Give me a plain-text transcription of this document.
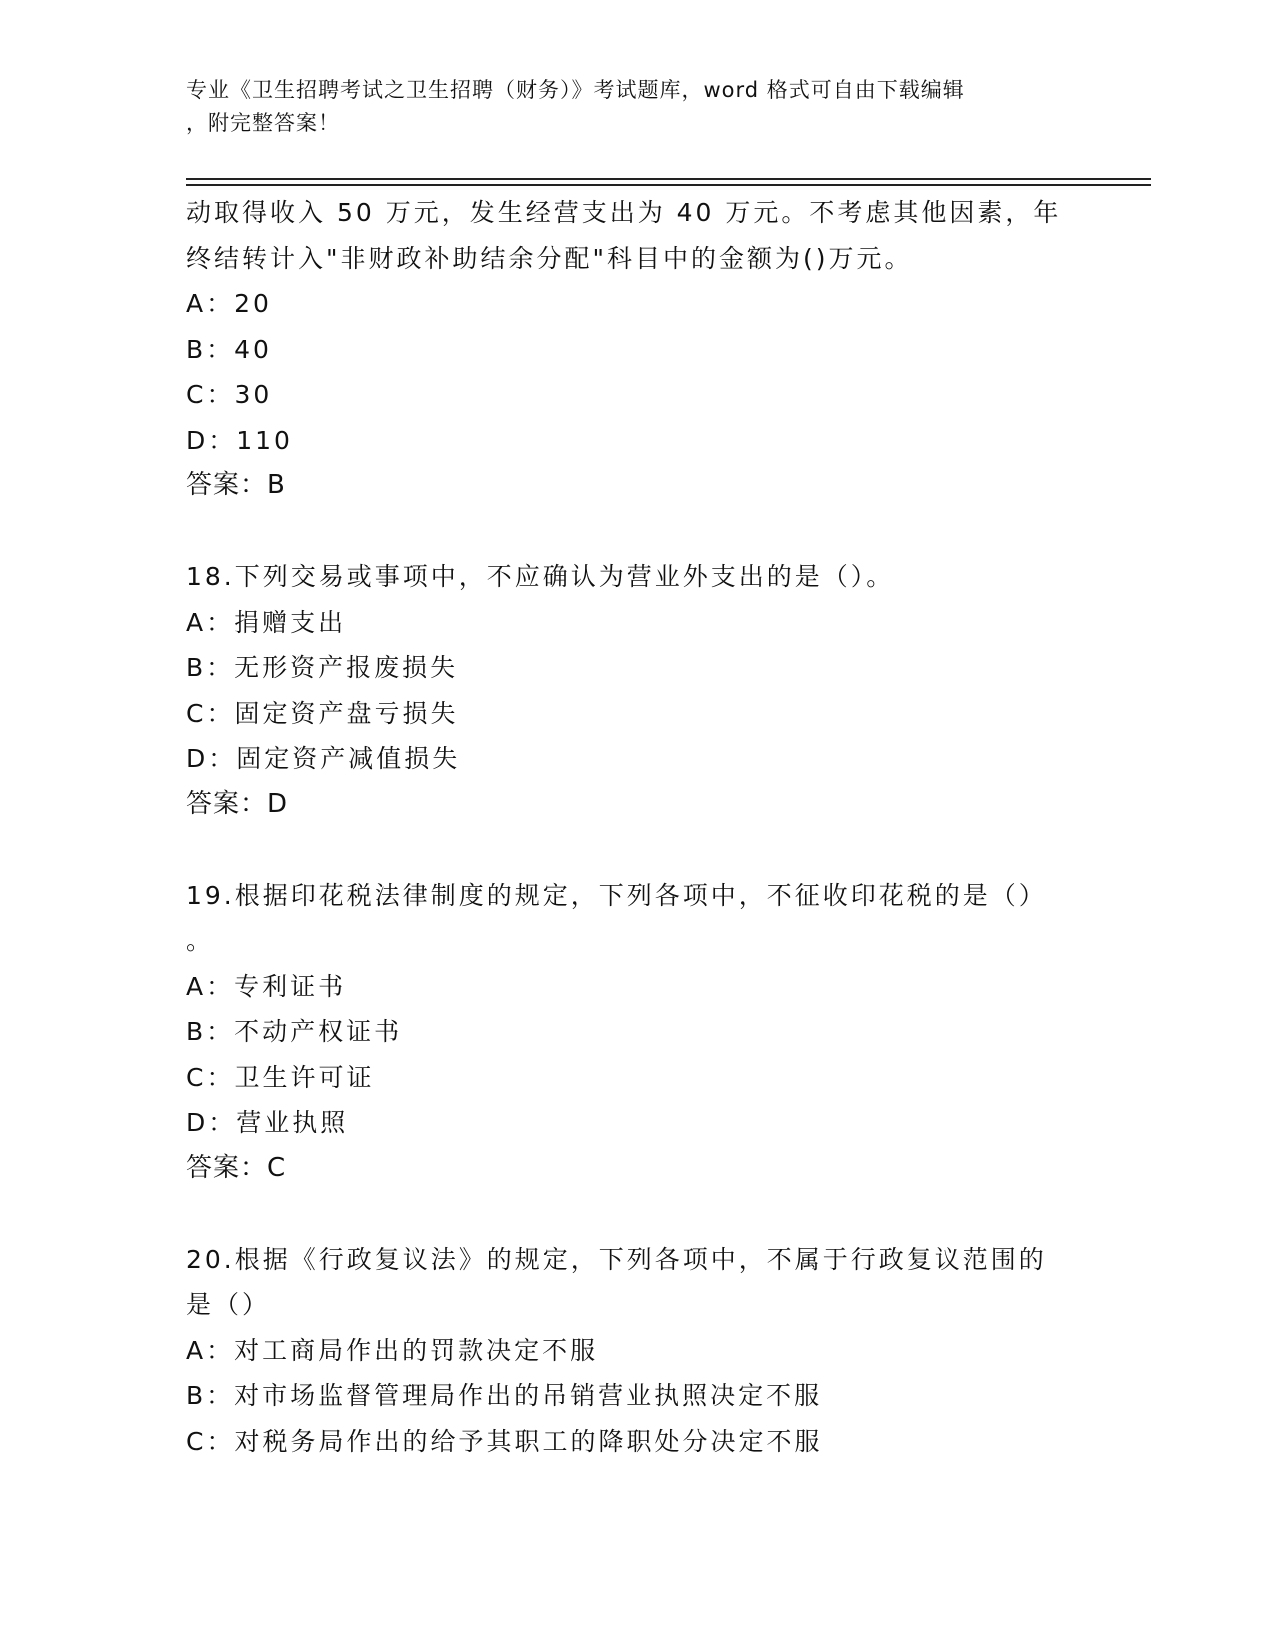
专业《卫生招聘考试之卫生招聘（财务）》考试题库，word 格式可自由下载编辑
，附完整答案！
动取得收入 50 万元，发生经营支出为 40 万元。不考虑其他因素，年
终结转计入"非财政补助结余分配"科目中的金额为()万元。
A：20
B：40
C：30
D：110
答案：B
18.下列交易或事项中，不应确认为营业外支出的是（）。
A：捐赠支出
B：无形资产报废损失
C：固定资产盘亏损失
D：固定资产减值损失
答案：D
19.根据印花税法律制度的规定，下列各项中，不征收印花税的是（）
。
A：专利证书
B：不动产权证书
C：卫生许可证
D：营业执照
答案：C
20.根据《行政复议法》的规定，下列各项中，不属于行政复议范围的
是（）
A：对工商局作出的罚款决定不服
B：对市场监督管理局作出的吊销营业执照决定不服
C：对税务局作出的给予其职工的降职处分决定不服
